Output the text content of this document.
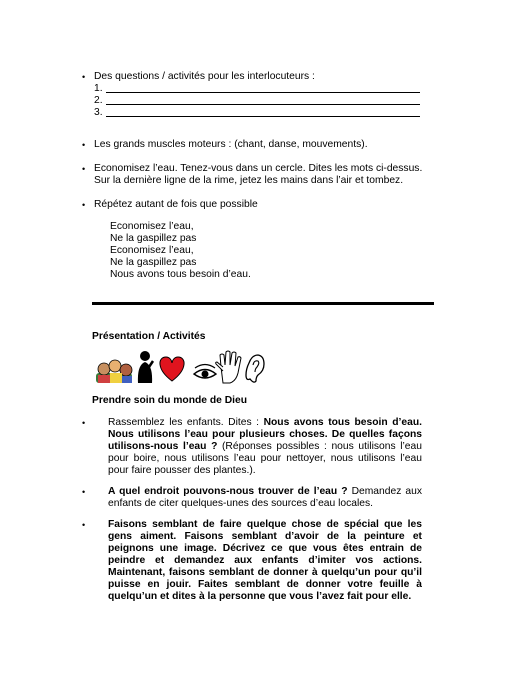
• Des questions / activités pour les interlocuteurs :
1.
2.
3.
• Les grands muscles moteurs : (chant, danse, mouvements).
• Economisez l’eau. Tenez-vous dans un cercle. Dites les mots ci-dessus.
Sur la dernière ligne de la rime, jetez les mains dans l’air et tombez.
• Répétez autant de fois que possible
Economisez l’eau,
Ne la gaspillez pas
Economisez l’eau,
Ne la gaspillez pas
Nous avons tous besoin d’eau.
Présentation / Activités
Prendre soin du monde de Dieu
• Rassemblez les enfants. Dites : Nous avons tous besoin d’eau. Nous utilisons l’eau pour plusieurs choses. De quelles façons utilisons-nous l’eau ? (Réponses possibles : nous utilisons l’eau pour boire, nous utilisons l’eau pour nettoyer, nous utilisons l’eau pour faire pousser des plantes.).
• A quel endroit pouvons-nous trouver de l’eau ? Demandez aux enfants de citer quelques-unes des sources d’eau locales.
• Faisons semblant de faire quelque chose de spécial que les gens aiment. Faisons semblant d’avoir de la peinture et peignons une image. Décrivez ce que vous êtes entrain de peindre et demandez aux enfants d’imiter vos actions. Maintenant, faisons semblant de donner à quelqu’un pour qu’il puisse en jouir. Faites semblant de donner votre feuille à quelqu’un et dites à la personne que vous l’avez fait pour elle.
